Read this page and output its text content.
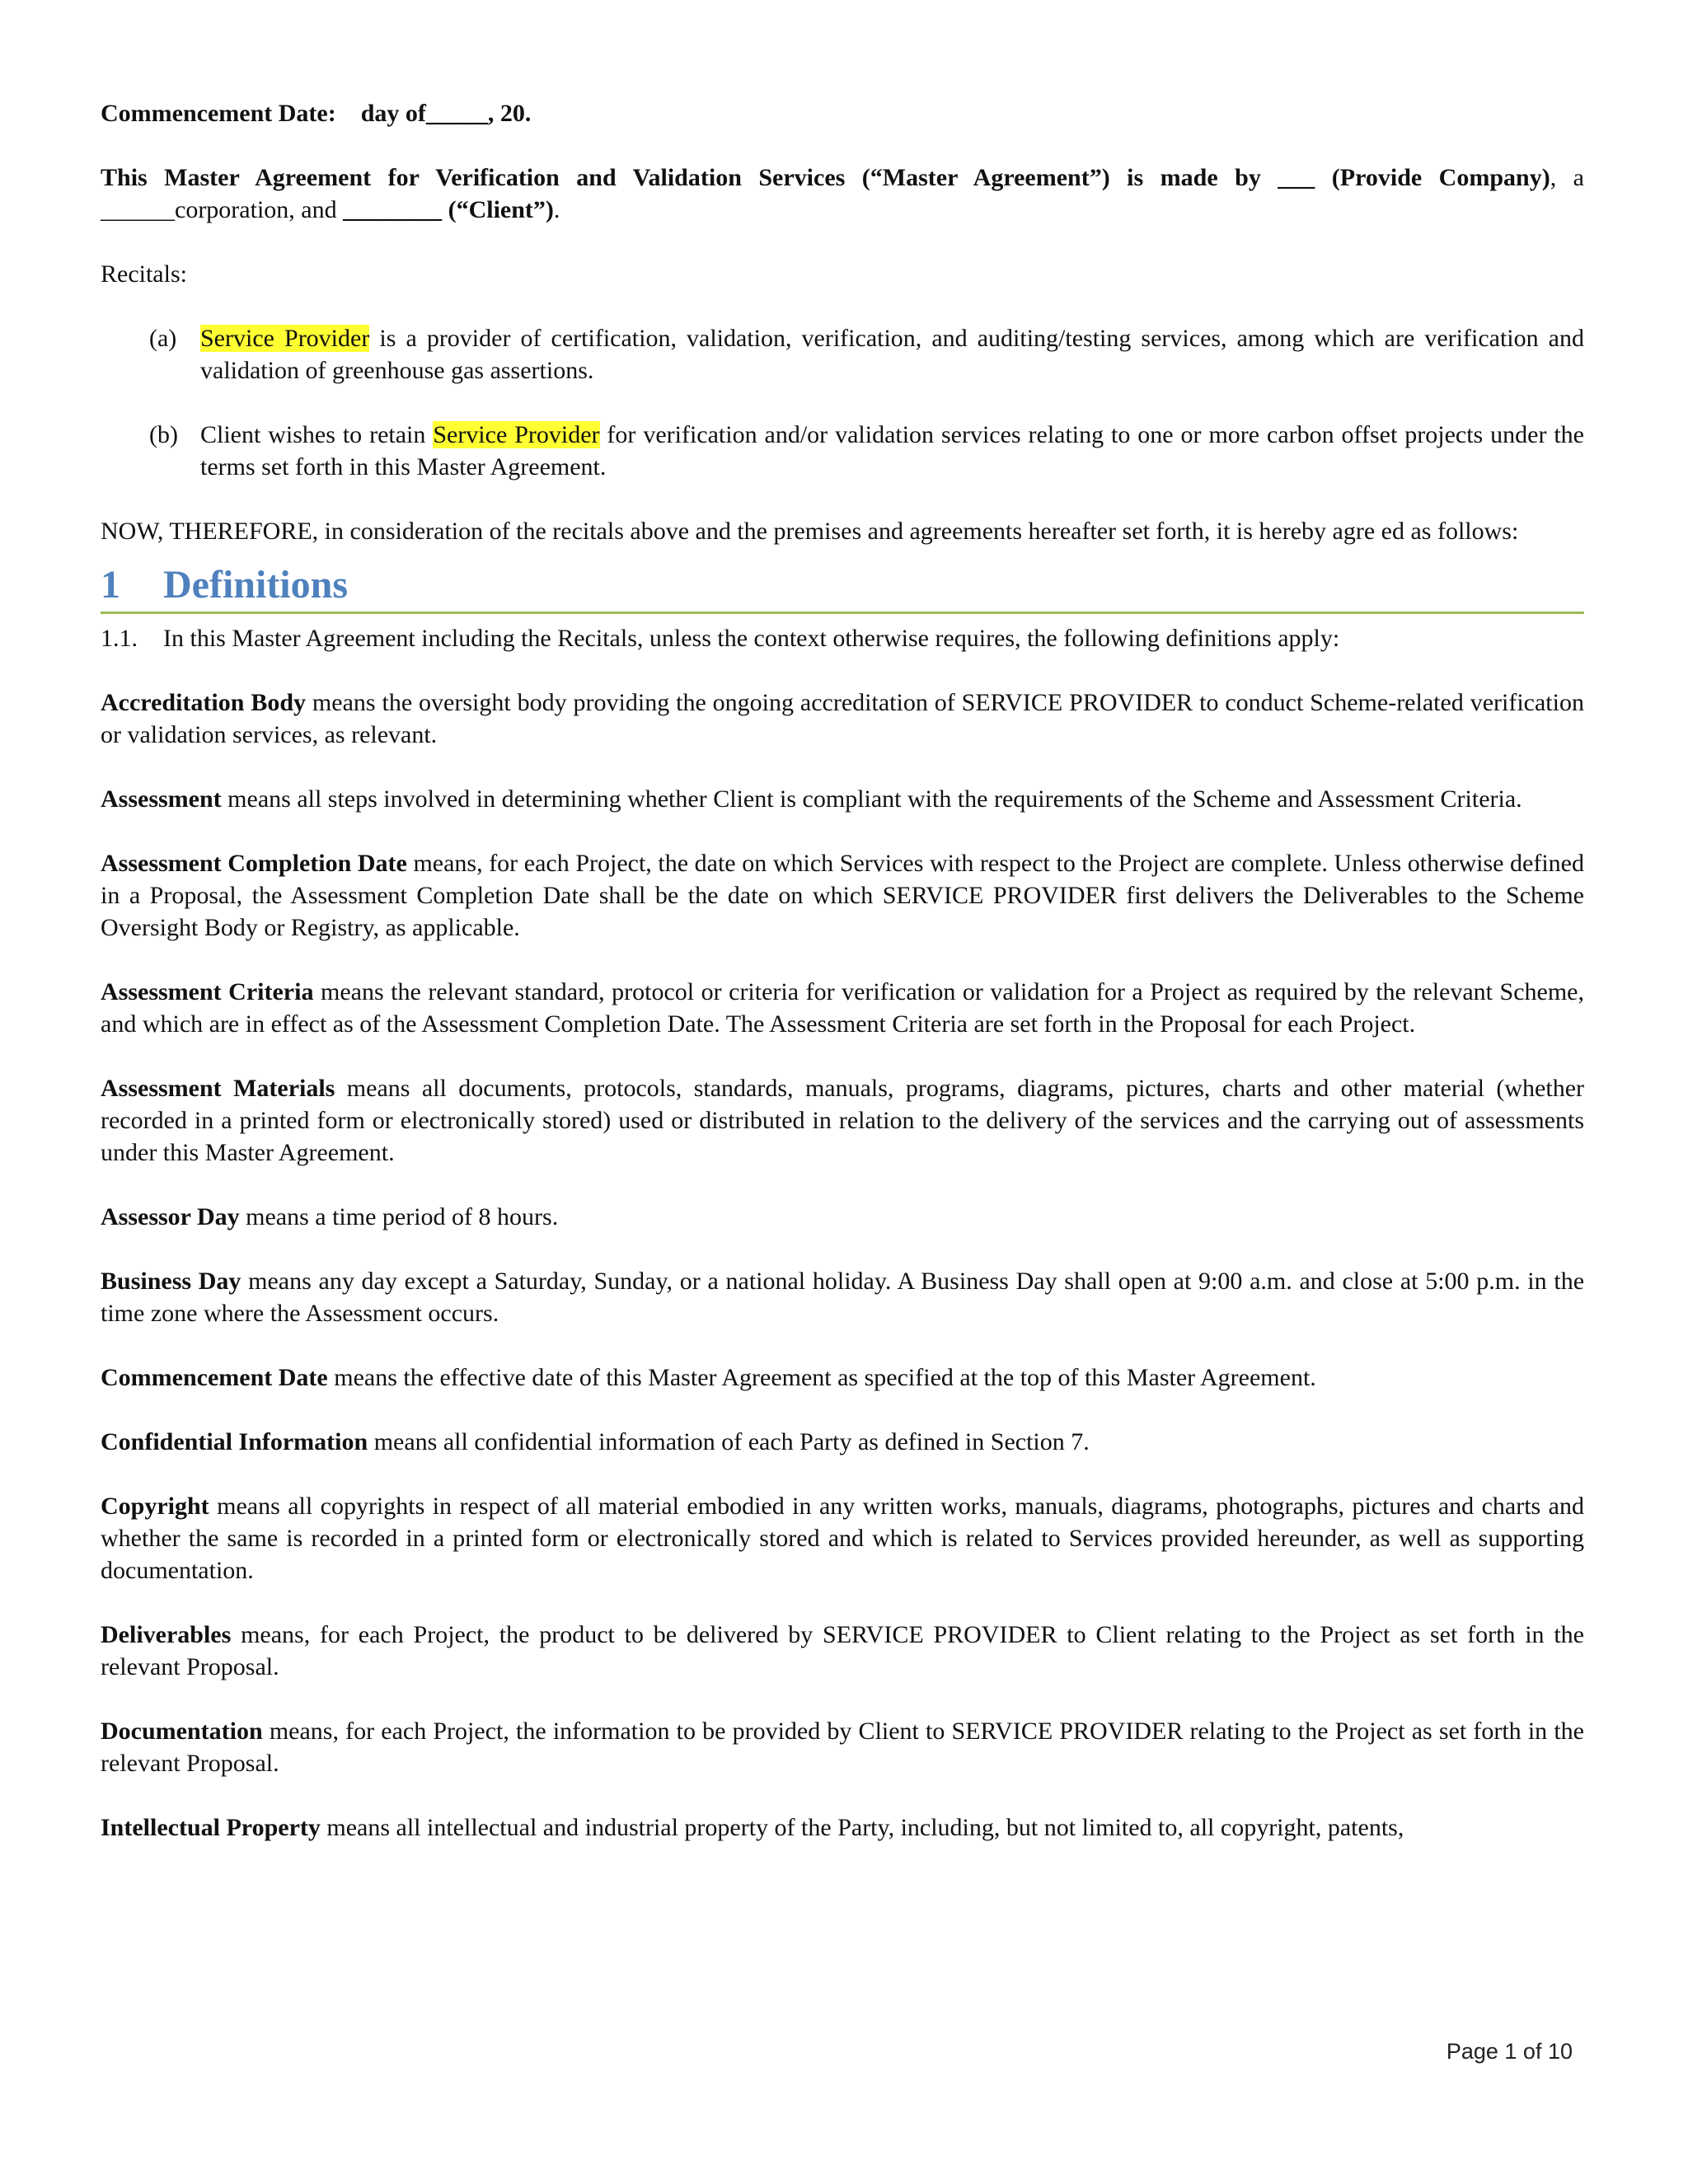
Commencement Date: day of_____, 20.

This Master Agreement for Verification and Validation Services (“Master Agreement”) is made by ___ (Provide Company), a ______corporation, and ________ (“Client”).

Recitals:

(a) Service Provider is a provider of certification, validation, verification, and auditing/testing services, among which are verification and validation of greenhouse gas assertions.
(b) Client wishes to retain Service Provider for verification and/or validation services relating to one or more carbon offset projects under the terms set forth in this Master Agreement.

NOW, THEREFORE, in consideration of the recitals above and the premises and agreements hereafter set forth, it is hereby agre ed as follows:

1	Definitions
1.1.	In this Master Agreement including the Recitals, unless the context otherwise requires, the following definitions apply:

Accreditation Body means the oversight body providing the ongoing accreditation of SERVICE PROVIDER to conduct Scheme-related verification or validation services, as relevant.

Assessment means all steps involved in determining whether Client is compliant with the requirements of the Scheme and Assessment Criteria.

Assessment Completion Date means, for each Project, the date on which Services with respect to the Project are complete. Unless otherwise defined in a Proposal, the Assessment Completion Date shall be the date on which SERVICE PROVIDER first delivers the Deliverables to the Scheme Oversight Body or Registry, as applicable.

Assessment Criteria means the relevant standard, protocol or criteria for verification or validation for a Project as required by the relevant Scheme, and which are in effect as of the Assessment Completion Date. The Assessment Criteria are set forth in the Proposal for each Project.

Assessment Materials means all documents, protocols, standards, manuals, programs, diagrams, pictures, charts and other material (whether recorded in a printed form or electronically stored) used or distributed in relation to the delivery of the services and the carrying out of assessments under this Master Agreement.

Assessor Day means a time period of 8 hours.

Business Day means any day except a Saturday, Sunday, or a national holiday. A Business Day shall open at 9:00 a.m. and close at 5:00 p.m. in the time zone where the Assessment occurs.

Commencement Date means the effective date of this Master Agreement as specified at the top of this Master Agreement.

Confidential Information means all confidential information of each Party as defined in Section 7.

Copyright means all copyrights in respect of all material embodied in any written works, manuals, diagrams, photographs, pictures and charts and whether the same is recorded in a printed form or electronically stored and which is related to Services provided hereunder, as well as supporting documentation.

Deliverables means, for each Project, the product to be delivered by SERVICE PROVIDER to Client relating to the Project as set forth in the relevant Proposal.

Documentation means, for each Project, the information to be provided by Client to SERVICE PROVIDER relating to the Project as set forth in the relevant Proposal.

Intellectual Property means all intellectual and industrial property of the Party, including, but not limited to, all copyright, patents,

Page 1 of 10
